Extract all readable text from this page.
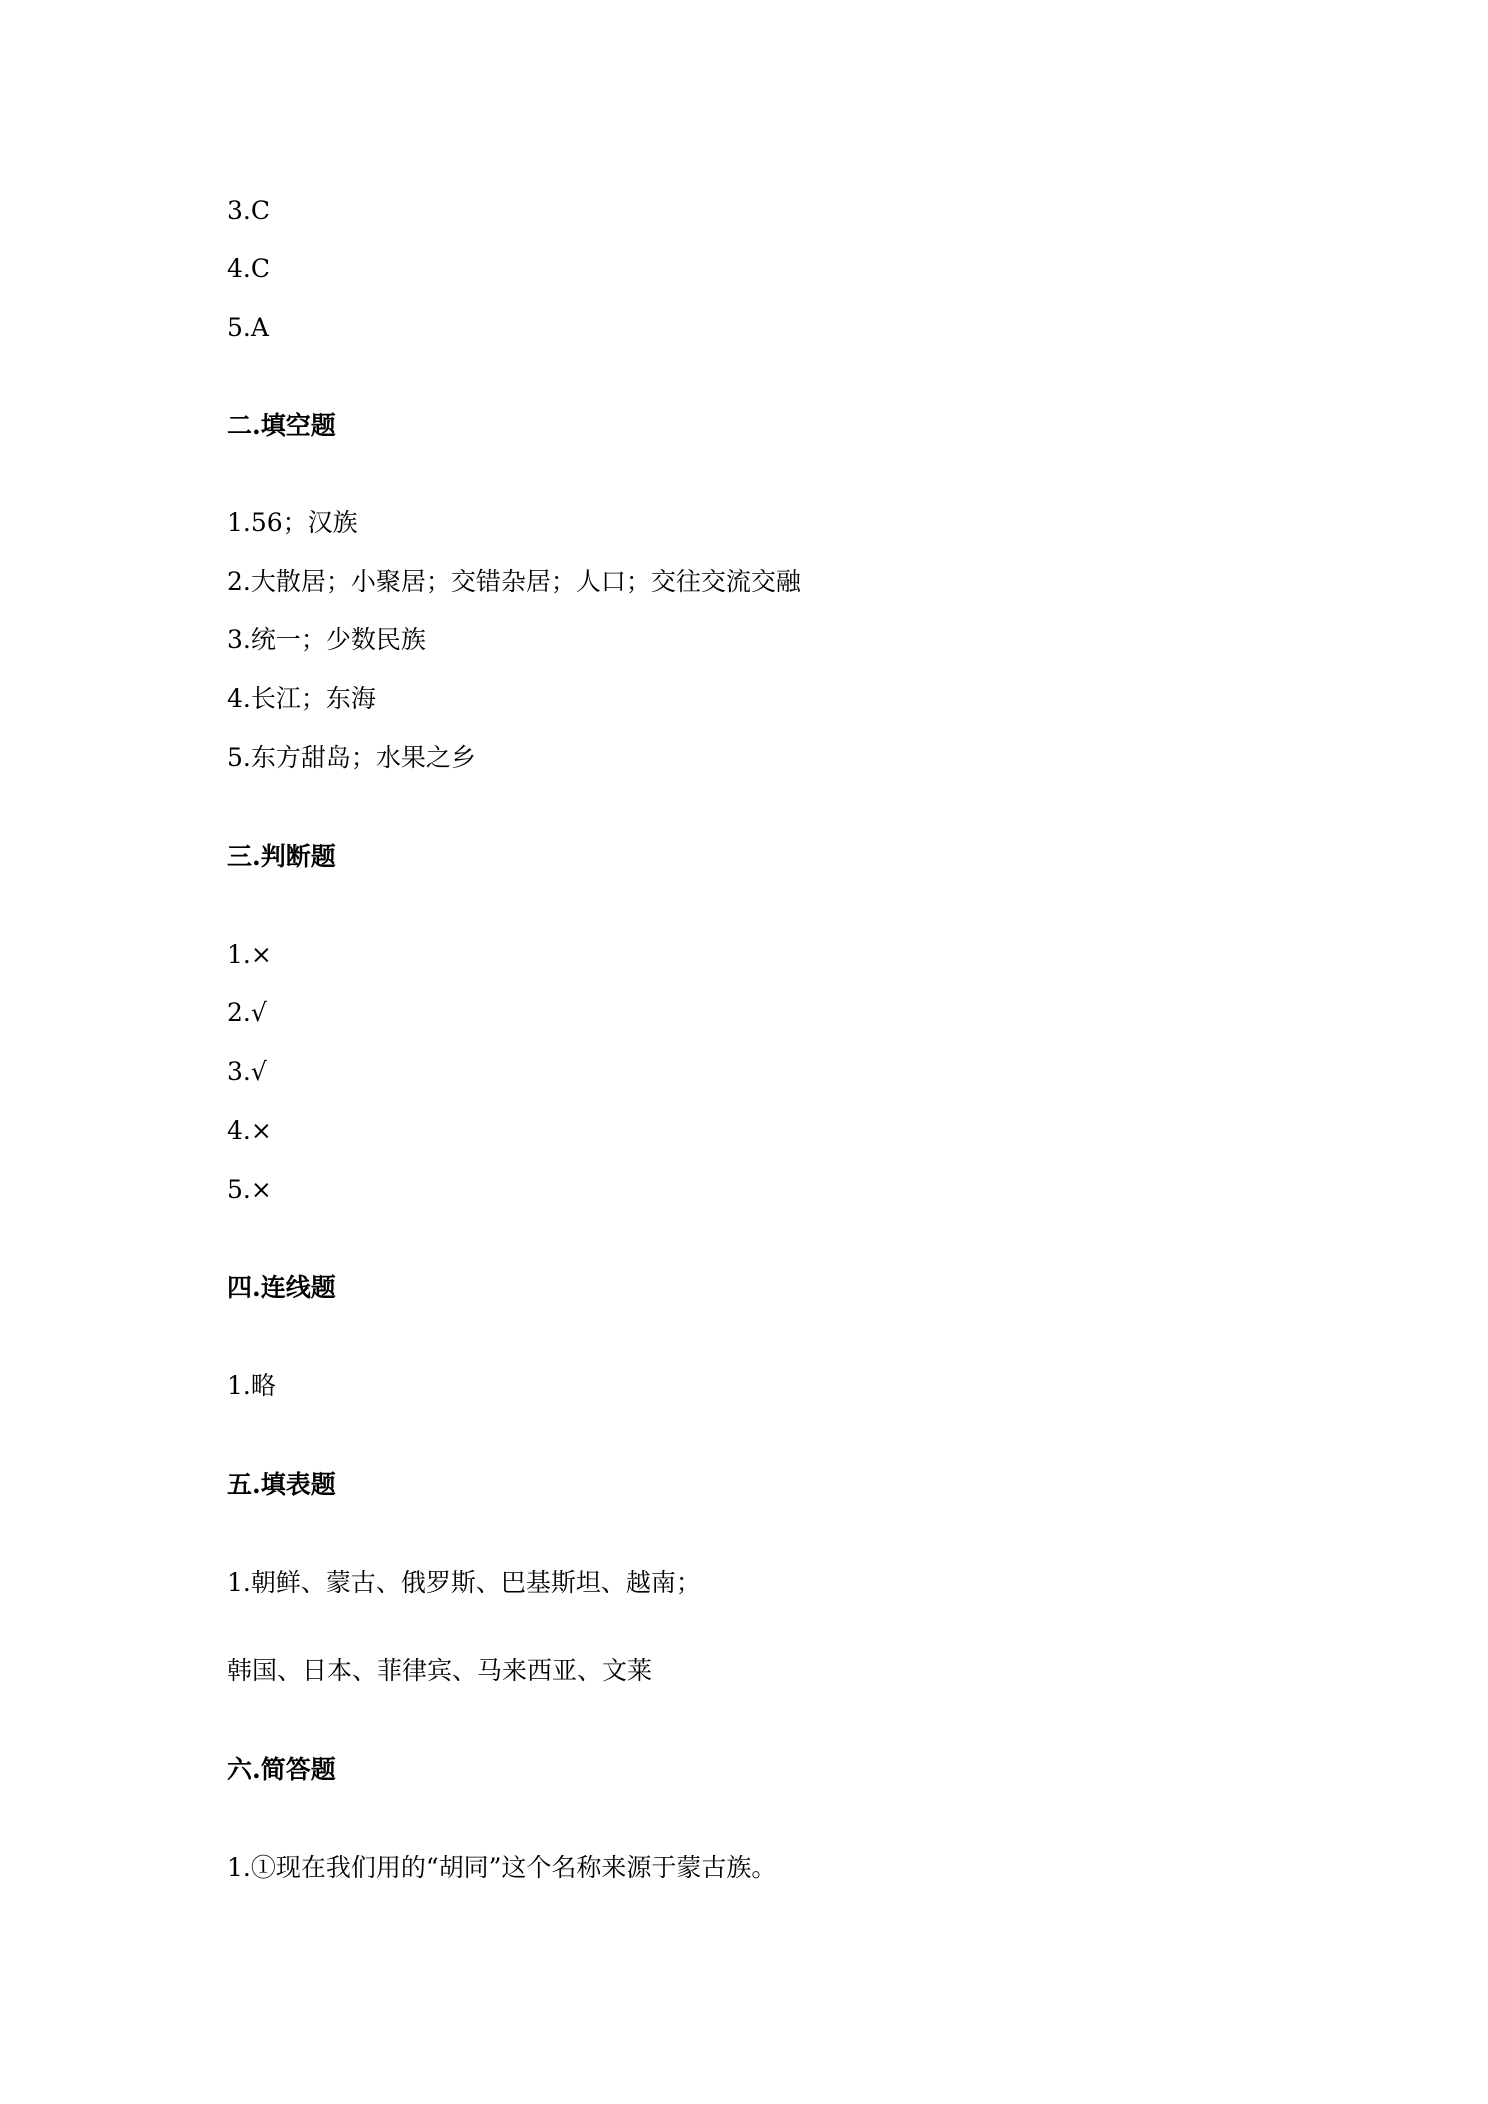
3.C
4.C
5.A
二.填空题
1.56；汉族
2.大散居；小聚居；交错杂居；人口；交往交流交融
3.统一；少数民族
4.长江；东海
5.东方甜岛；水果之乡
三.判断题
1.×
2.√
3.√
4.×
5.×
四.连线题
1.略
五.填表题
1.朝鲜、蒙古、俄罗斯、巴基斯坦、越南；
韩国、日本、菲律宾、马来西亚、文莱
六.简答题
1.①现在我们用的“胡同”这个名称来源于蒙古族。
